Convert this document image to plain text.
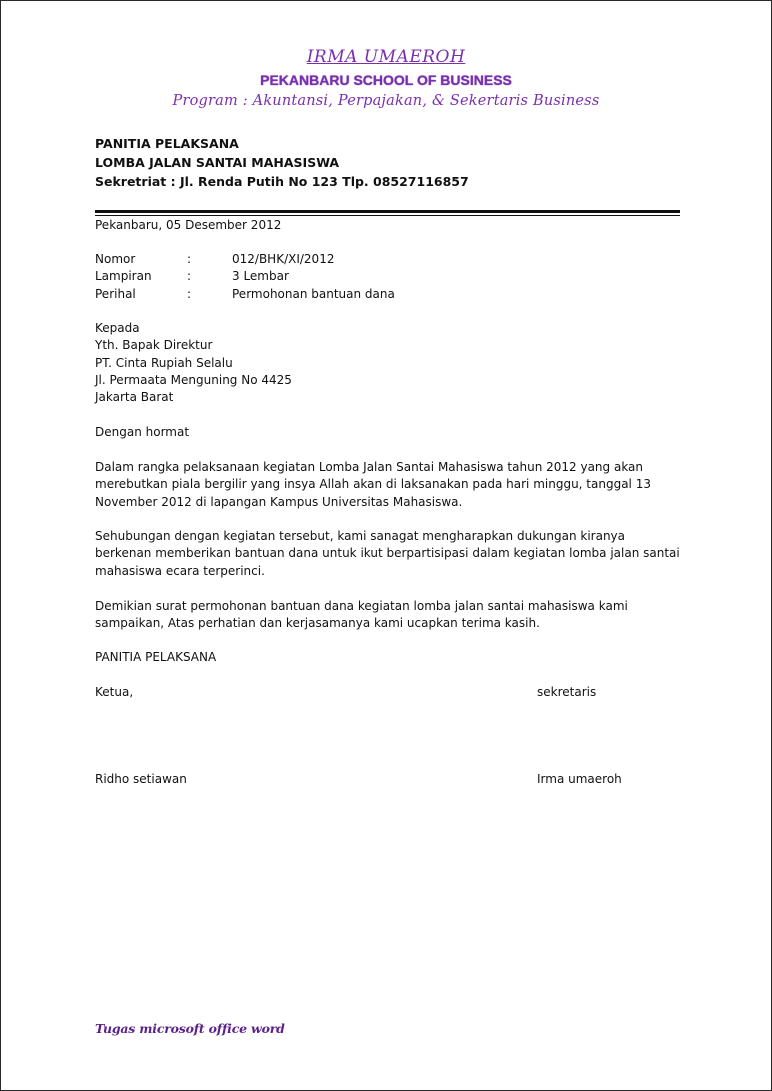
IRMA UMAEROH
PEKANBARU SCHOOL OF BUSINESS
Program : Akuntansi, Perpajakan, & Sekertaris Business
PANITIA PELAKSANA
LOMBA JALAN SANTAI MAHASISWA
Sekretriat : Jl. Renda Putih No 123 Tlp. 08527116857
Pekanbaru, 05 Desember 2012
Nomor	:	012/BHK/XI/2012
Lampiran	:	3 Lembar
Perihal	:	Permohonan bantuan dana
Kepada
Yth. Bapak Direktur
PT. Cinta Rupiah Selalu
Jl. Permaata Menguning No 4425
Jakarta Barat
Dengan hormat
Dalam rangka pelaksanaan kegiatan Lomba Jalan Santai Mahasiswa tahun 2012 yang akan merebutkan piala bergilir yang insya Allah akan di laksanakan pada hari minggu, tanggal 13 November 2012 di lapangan Kampus Universitas Mahasiswa.
Sehubungan dengan kegiatan tersebut, kami sanagat mengharapkan dukungan kiranya berkenan memberikan bantuan dana untuk ikut berpartisipasi dalam kegiatan lomba jalan santai mahasiswa ecara terperinci.
Demikian surat permohonan bantuan dana kegiatan lomba jalan santai mahasiswa kami sampaikan, Atas perhatian dan kerjasamanya kami ucapkan terima kasih.
PANITIA PELAKSANA
Ketua,	sekretaris
Ridho setiawan	Irma umaeroh
Tugas microsoft office word
